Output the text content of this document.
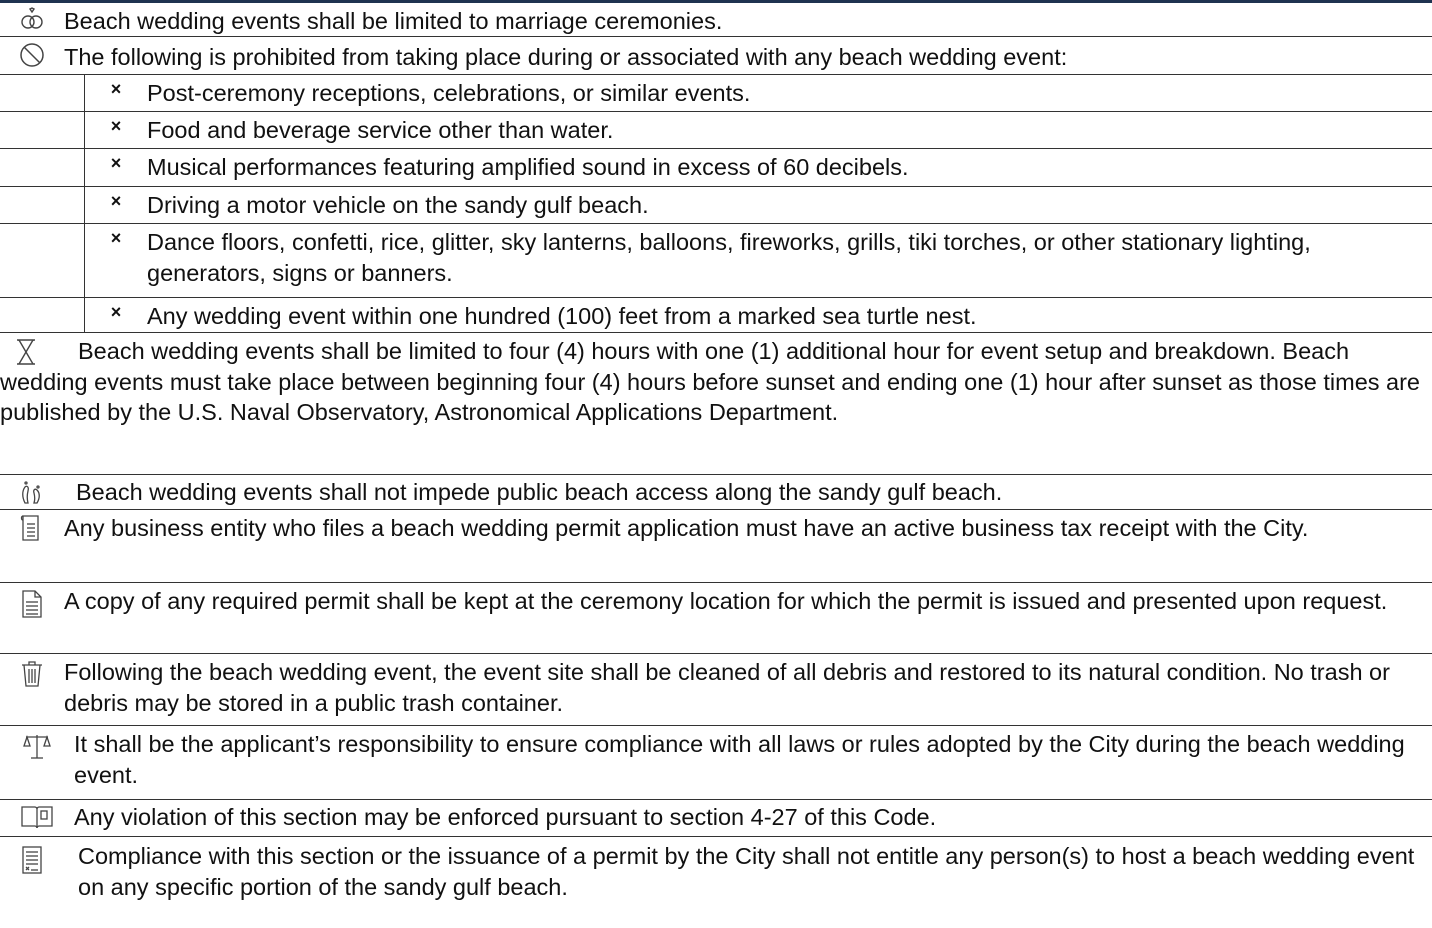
Beach wedding events shall be limited to marriage ceremonies.
The following is prohibited from taking place during or associated with any beach wedding event:
×	Post-ceremony receptions, celebrations, or similar events.
×	Food and beverage service other than water.
×	Musical performances featuring amplified sound in excess of 60 decibels.
×	Driving a motor vehicle on the sandy gulf beach.
×	Dance floors, confetti, rice, glitter, sky lanterns, balloons, fireworks, grills, tiki torches, or other stationary lighting, generators, signs or banners.
×	Any wedding event within one hundred (100) feet from a marked sea turtle nest.
Beach wedding events shall be limited to four (4) hours with one (1) additional hour for event setup and breakdown. Beach wedding events must take place between beginning four (4) hours before sunset and ending one (1) hour after sunset as those times are published by the U.S. Naval Observatory, Astronomical Applications Department.
Beach wedding events shall not impede public beach access along the sandy gulf beach.
Any business entity who files a beach wedding permit application must have an active business tax receipt with the City.
A copy of any required permit shall be kept at the ceremony location for which the permit is issued and presented upon request.
Following the beach wedding event, the event site shall be cleaned of all debris and restored to its natural condition. No trash or debris may be stored in a public trash container.
It shall be the applicant’s responsibility to ensure compliance with all laws or rules adopted by the City during the beach wedding event.
Any violation of this section may be enforced pursuant to section 4-27 of this Code.
Compliance with this section or the issuance of a permit by the City shall not entitle any person(s) to host a beach wedding event on any specific portion of the sandy gulf beach.
